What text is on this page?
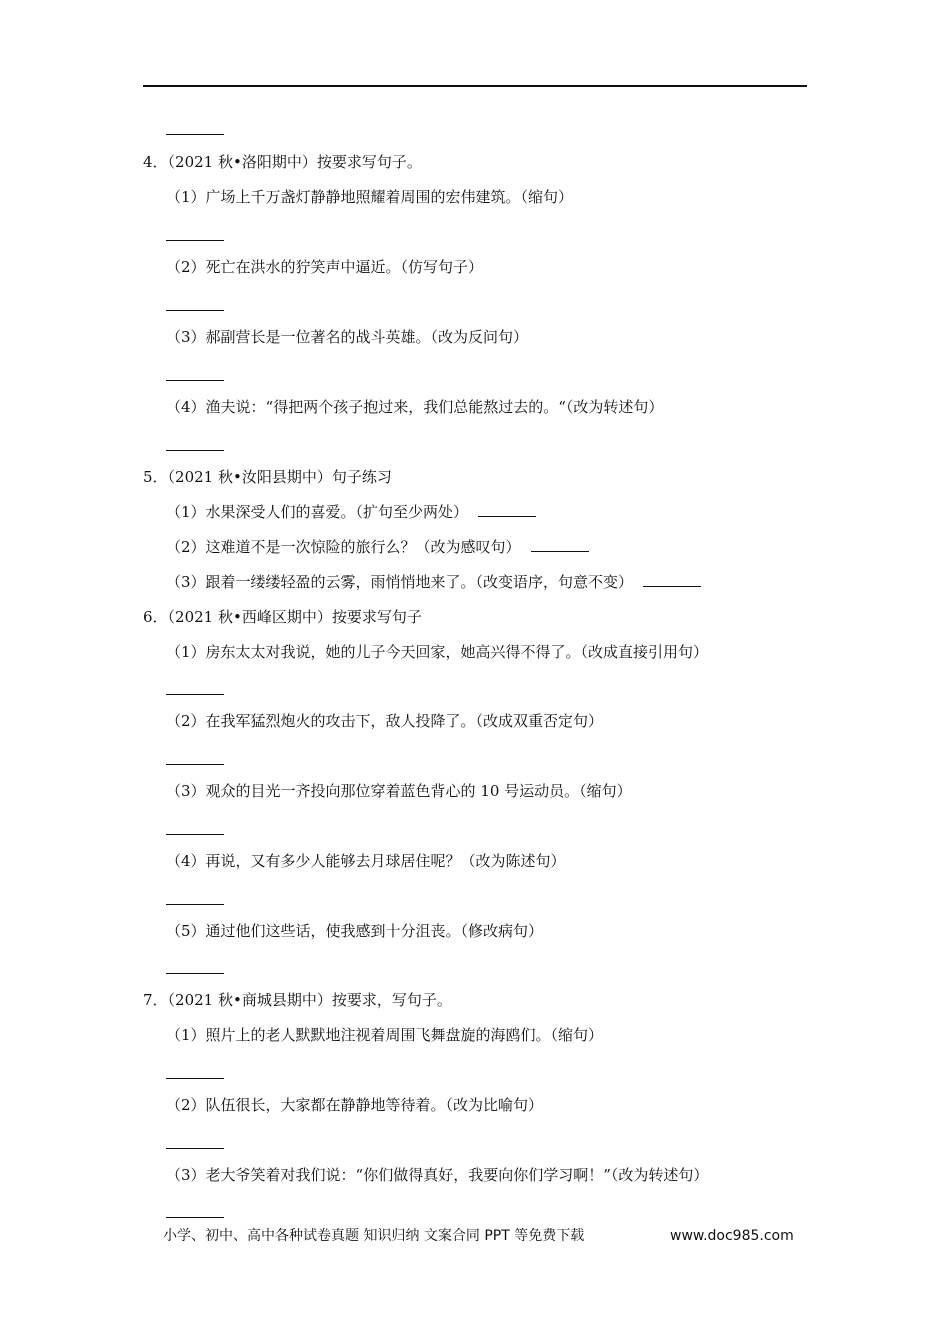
4．（2021 秋•洛阳期中）按要求写句子。
（1）广场上千万盏灯静静地照耀着周围的宏伟建筑。（缩句）
（2）死亡在洪水的狞笑声中逼近。（仿写句子）
（3）郝副营长是一位著名的战斗英雄。（改为反问句）
（4）渔夫说：“得把两个孩子抱过来，我们总能熬过去的。“（改为转述句）
5．（2021 秋•汝阳县期中）句子练习
（1）水果深受人们的喜爱。（扩句至少两处）
（2）这难道不是一次惊险的旅行么？（改为感叹句）
（3）跟着一缕缕轻盈的云雾，雨悄悄地来了。（改变语序，句意不变）
6．（2021 秋•西峰区期中）按要求写句子
（1）房东太太对我说，她的儿子今天回家，她高兴得不得了。（改成直接引用句）
（2）在我军猛烈炮火的攻击下，敌人投降了。（改成双重否定句）
（3）观众的目光一齐投向那位穿着蓝色背心的 10 号运动员。（缩句）
（4）再说，又有多少人能够去月球居住呢？（改为陈述句）
（5）通过他们这些话，使我感到十分沮丧。（修改病句）
7．（2021 秋•商城县期中）按要求，写句子。
（1）照片上的老人默默地注视着周围飞舞盘旋的海鸥们。（缩句）
（2）队伍很长，大家都在静静地等待着。（改为比喻句）
（3）老大爷笑着对我们说：“你们做得真好，我要向你们学习啊！”（改为转述句）
小学、初中、高中各种试卷真题 知识归纳 文案合同 PPT 等免费下载	www.doc985.com
